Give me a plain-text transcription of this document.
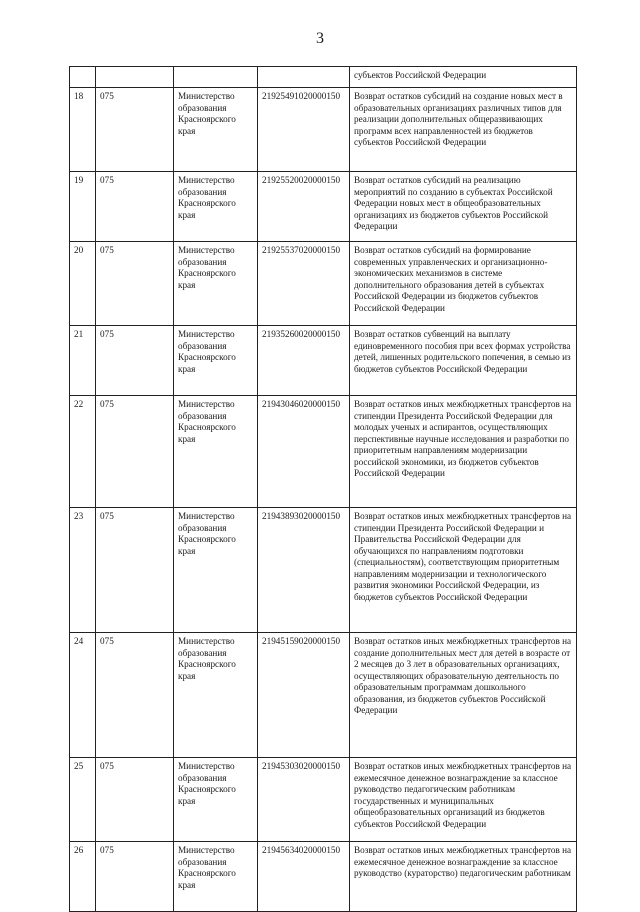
3
				субъектов Российской Федерации
18	075	Министерство образования Красноярского края	21925491020000150	Возврат остатков субсидий на создание новых мест в образовательных организациях различных типов для реализации дополнительных общеразвивающих программ всех направленностей из бюджетов субъектов Российской Федерации
19	075	Министерство образования Красноярского края	21925520020000150	Возврат остатков субсидий на реализацию мероприятий по созданию в субъектах Российской Федерации новых мест в общеобразовательных организациях из бюджетов субъектов Российской Федерации
20	075	Министерство образования Красноярского края	21925537020000150	Возврат остатков субсидий на формирование современных управленческих и организационно-экономических механизмов в системе дополнительного образования детей в субъектах Российской Федерации из бюджетов субъектов Российской Федерации
21	075	Министерство образования Красноярского края	21935260020000150	Возврат остатков субвенций на выплату единовременного пособия при всех формах устройства детей, лишенных родительского попечения, в семью из бюджетов субъектов Российской Федерации
22	075	Министерство образования Красноярского края	21943046020000150	Возврат остатков иных межбюджетных трансфертов на стипендии Президента Российской Федерации для молодых ученых и аспирантов, осуществляющих перспективные научные исследования и разработки по приоритетным направлениям модернизации российской экономики, из бюджетов субъектов Российской Федерации
23	075	Министерство образования Красноярского края	21943893020000150	Возврат остатков иных межбюджетных трансфертов на стипендии Президента Российской Федерации и Правительства Российской Федерации для обучающихся по направлениям подготовки (специальностям), соответствующим приоритетным направлениям модернизации и технологического развития экономики Российской Федерации, из бюджетов субъектов Российской Федерации
24	075	Министерство образования Красноярского края	21945159020000150	Возврат остатков иных межбюджетных трансфертов на создание дополнительных мест для детей в возрасте от 2 месяцев до 3 лет в образовательных организациях, осуществляющих образовательную деятельность по образовательным программам дошкольного образования, из бюджетов субъектов Российской Федерации
25	075	Министерство образования Красноярского края	21945303020000150	Возврат остатков иных межбюджетных трансфертов на ежемесячное денежное вознаграждение за классное руководство педагогическим работникам государственных и муниципальных общеобразовательных организаций из бюджетов субъектов Российской Федерации
26	075	Министерство образования Красноярского края	21945634020000150	Возврат остатков иных межбюджетных трансфертов на ежемесячное денежное вознаграждение за классное руководство (кураторство) педагогическим работникам
